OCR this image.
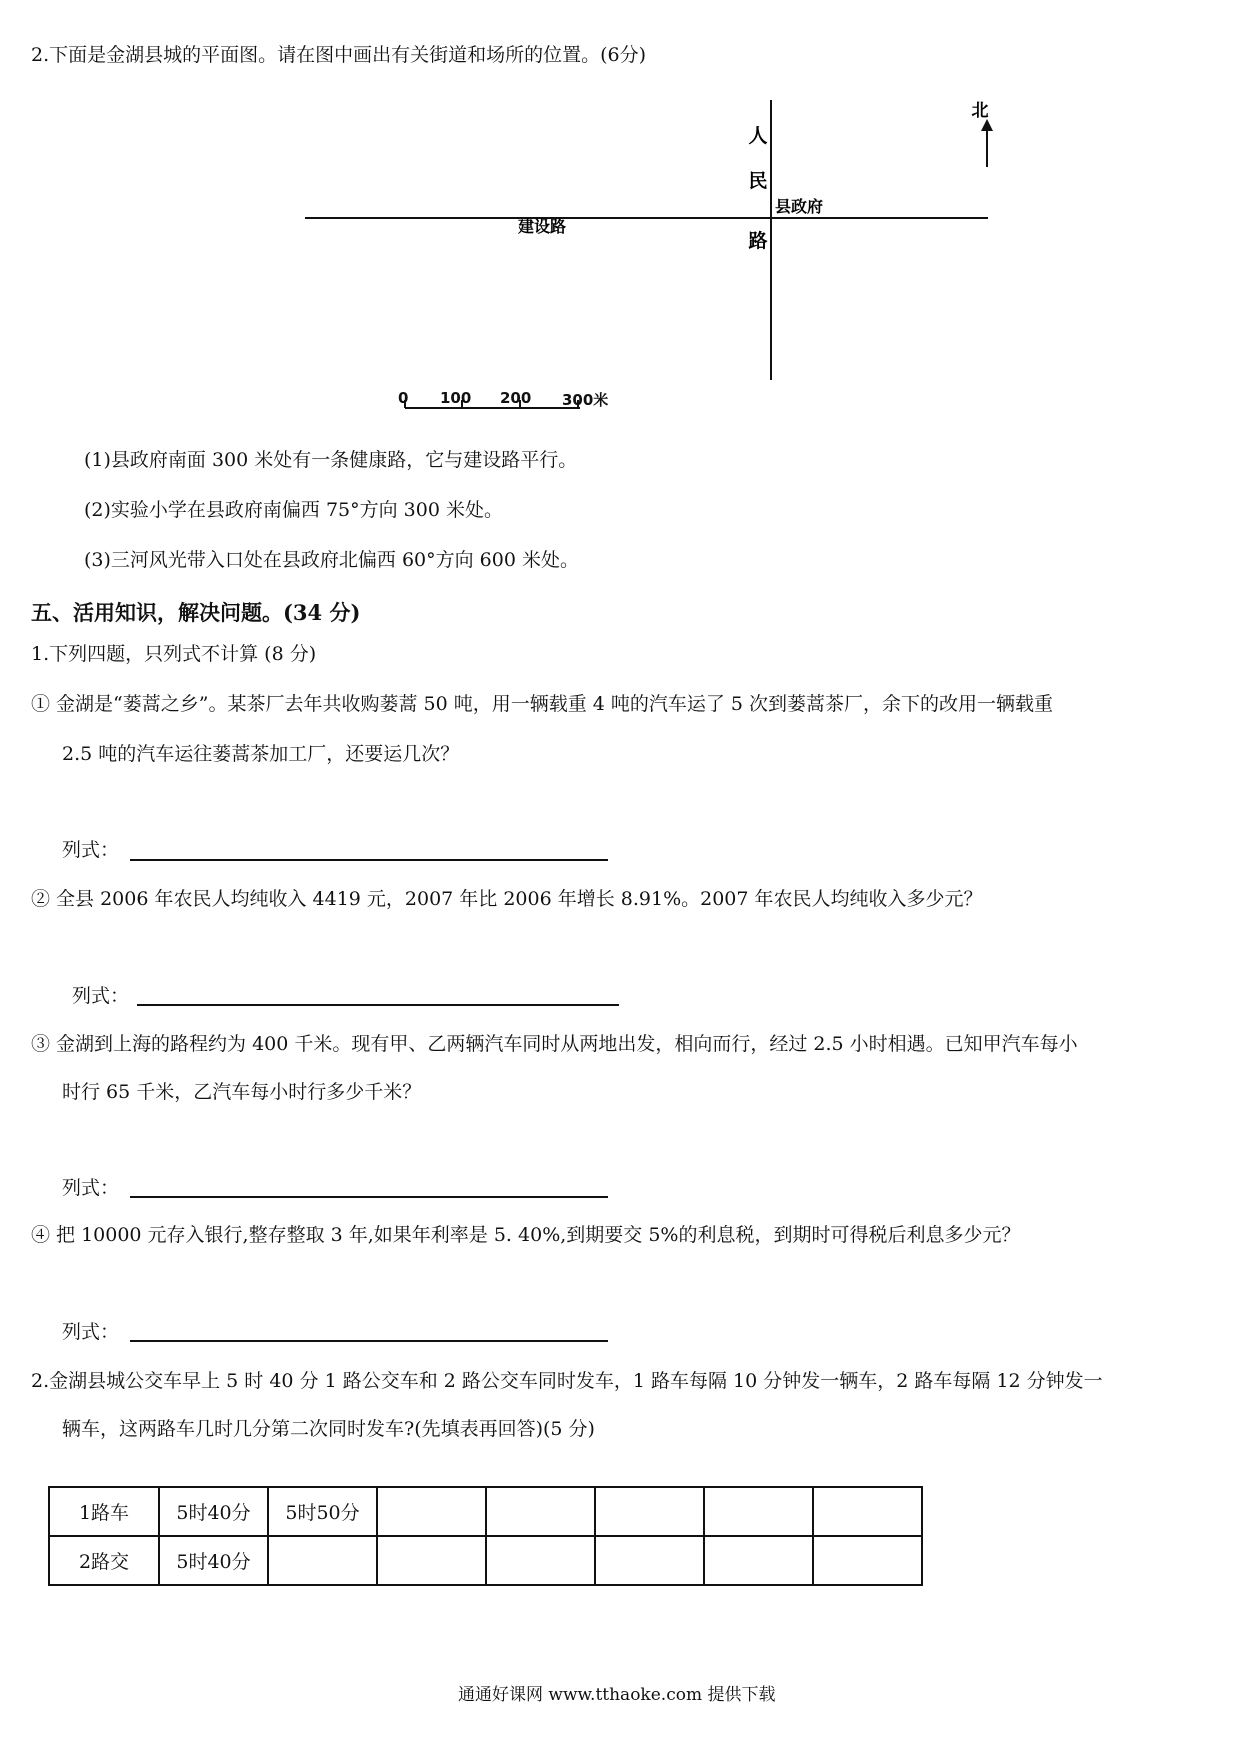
2.下面是金湖县城的平面图。请在图中画出有关街道和场所的位置。(6分)
北
建设路
人
民
路
县政府
0 100 200 300米
(1)县政府南面 300 米处有一条健康路，它与建设路平行。
(2)实验小学在县政府南偏西 75°方向 300 米处。
(3)三河风光带入口处在县政府北偏西 60°方向 600 米处。
五、活用知识，解决问题。(34 分)
1.下列四题，只列式不计算 (8 分)
① 金湖是“蒌蒿之乡”。某茶厂去年共收购蒌蒿 50 吨，用一辆载重 4 吨的汽车运了 5 次到蒌蒿茶厂，余下的改用一辆载重
2.5 吨的汽车运往蒌蒿茶加工厂，还要运几次？
列式：
② 全县 2006 年农民人均纯收入 4419 元，2007 年比 2006 年增长 8.91%。2007 年农民人均纯收入多少元？
列式：
③ 金湖到上海的路程约为 400 千米。现有甲、乙两辆汽车同时从两地出发，相向而行，经过 2.5 小时相遇。已知甲汽车每小
时行 65 千米，乙汽车每小时行多少千米？
列式：
④ 把 10000 元存入银行,整存整取 3 年,如果年利率是 5. 40%,到期要交 5%的利息税，到期时可得税后利息多少元？
列式：
2.金湖县城公交车早上 5 时 40 分 1 路公交车和 2 路公交车同时发车，1 路车每隔 10 分钟发一辆车，2 路车每隔 12 分钟发一
辆车，这两路车几时几分第二次同时发车?(先填表再回答)(5 分)
1路车	5时40分	5时50分					
2路交	5时40分						
通通好课网 www.tthaoke.com 提供下载
